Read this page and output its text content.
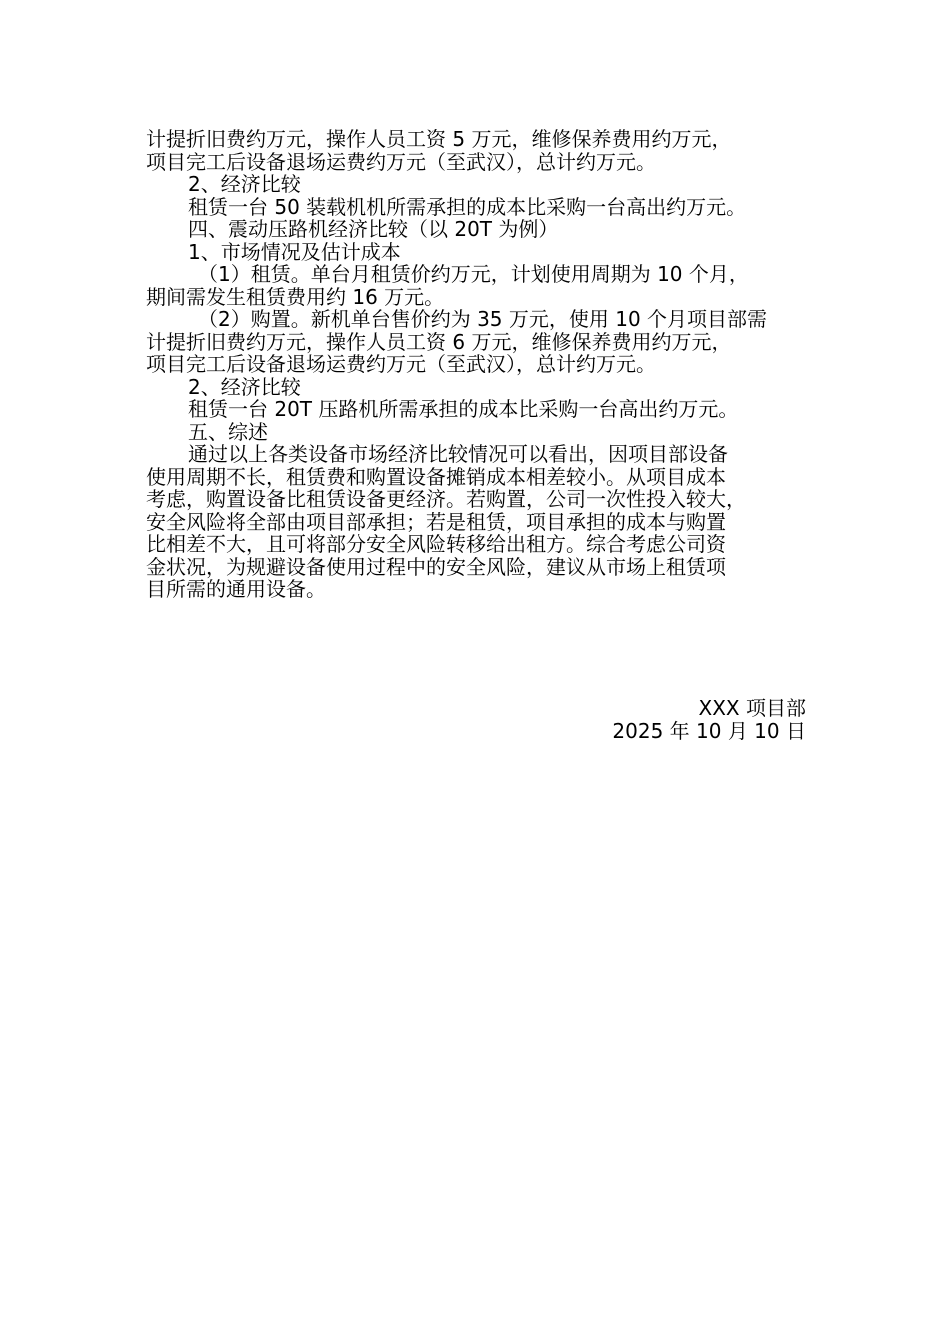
计提折旧费约万元，操作人员工资 5 万元，维修保养费用约万元，
项目完工后设备退场运费约万元（至武汉），总计约万元。
2、经济比较
租赁一台 50 装载机机所需承担的成本比采购一台高出约万元。
四、震动压路机经济比较（以 20T 为例）
1、市场情况及估计成本
（1）租赁。单台月租赁价约万元，计划使用周期为 10 个月，
期间需发生租赁费用约 16 万元。
（2）购置。新机单台售价约为 35 万元，使用 10 个月项目部需
计提折旧费约万元，操作人员工资 6 万元，维修保养费用约万元，
项目完工后设备退场运费约万元（至武汉），总计约万元。
2、经济比较
租赁一台 20T 压路机所需承担的成本比采购一台高出约万元。
五、综述
通过以上各类设备市场经济比较情况可以看出，因项目部设备
使用周期不长，租赁费和购置设备摊销成本相差较小。从项目成本
考虑，购置设备比租赁设备更经济。若购置，公司一次性投入较大，
安全风险将全部由项目部承担；若是租赁，项目承担的成本与购置
比相差不大，且可将部分安全风险转移给出租方。综合考虑公司资
金状况，为规避设备使用过程中的安全风险，建议从市场上租赁项
目所需的通用设备。
XXX 项目部
2025 年 10 月 10 日
